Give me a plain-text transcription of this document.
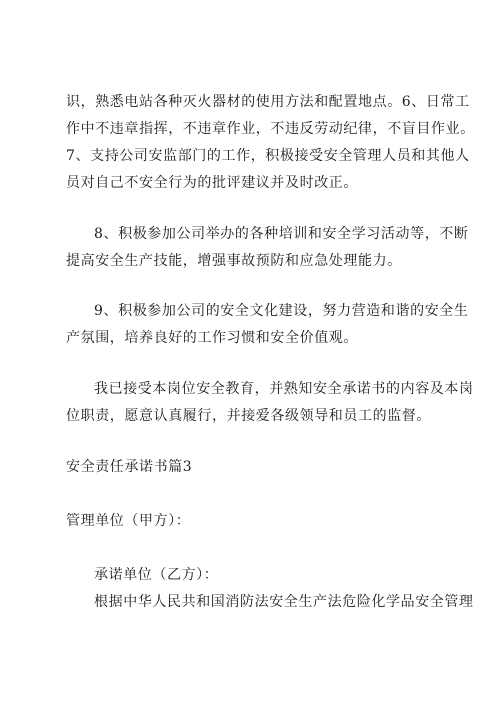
识，熟悉电站各种灭火器材的使用方法和配置地点。6、日常工
作中不违章指挥，不违章作业，不违反劳动纪律，不盲目作业。
7、支持公司安监部门的工作，积极接受安全管理人员和其他人
员对自己不安全行为的批评建议并及时改正。
8、积极参加公司举办的各种培训和安全学习活动等，不断
提高安全生产技能，增强事故预防和应急处理能力。
9、积极参加公司的安全文化建设，努力营造和谐的安全生
产氛围，培养良好的工作习惯和安全价值观。
我已接受本岗位安全教育，并熟知安全承诺书的内容及本岗
位职责，愿意认真履行，并接爱各级领导和员工的监督。
安全责任承诺书篇3
管理单位（甲方）：
承诺单位（乙方）：
根据中华人民共和国消防法安全生产法危险化学品安全管理
